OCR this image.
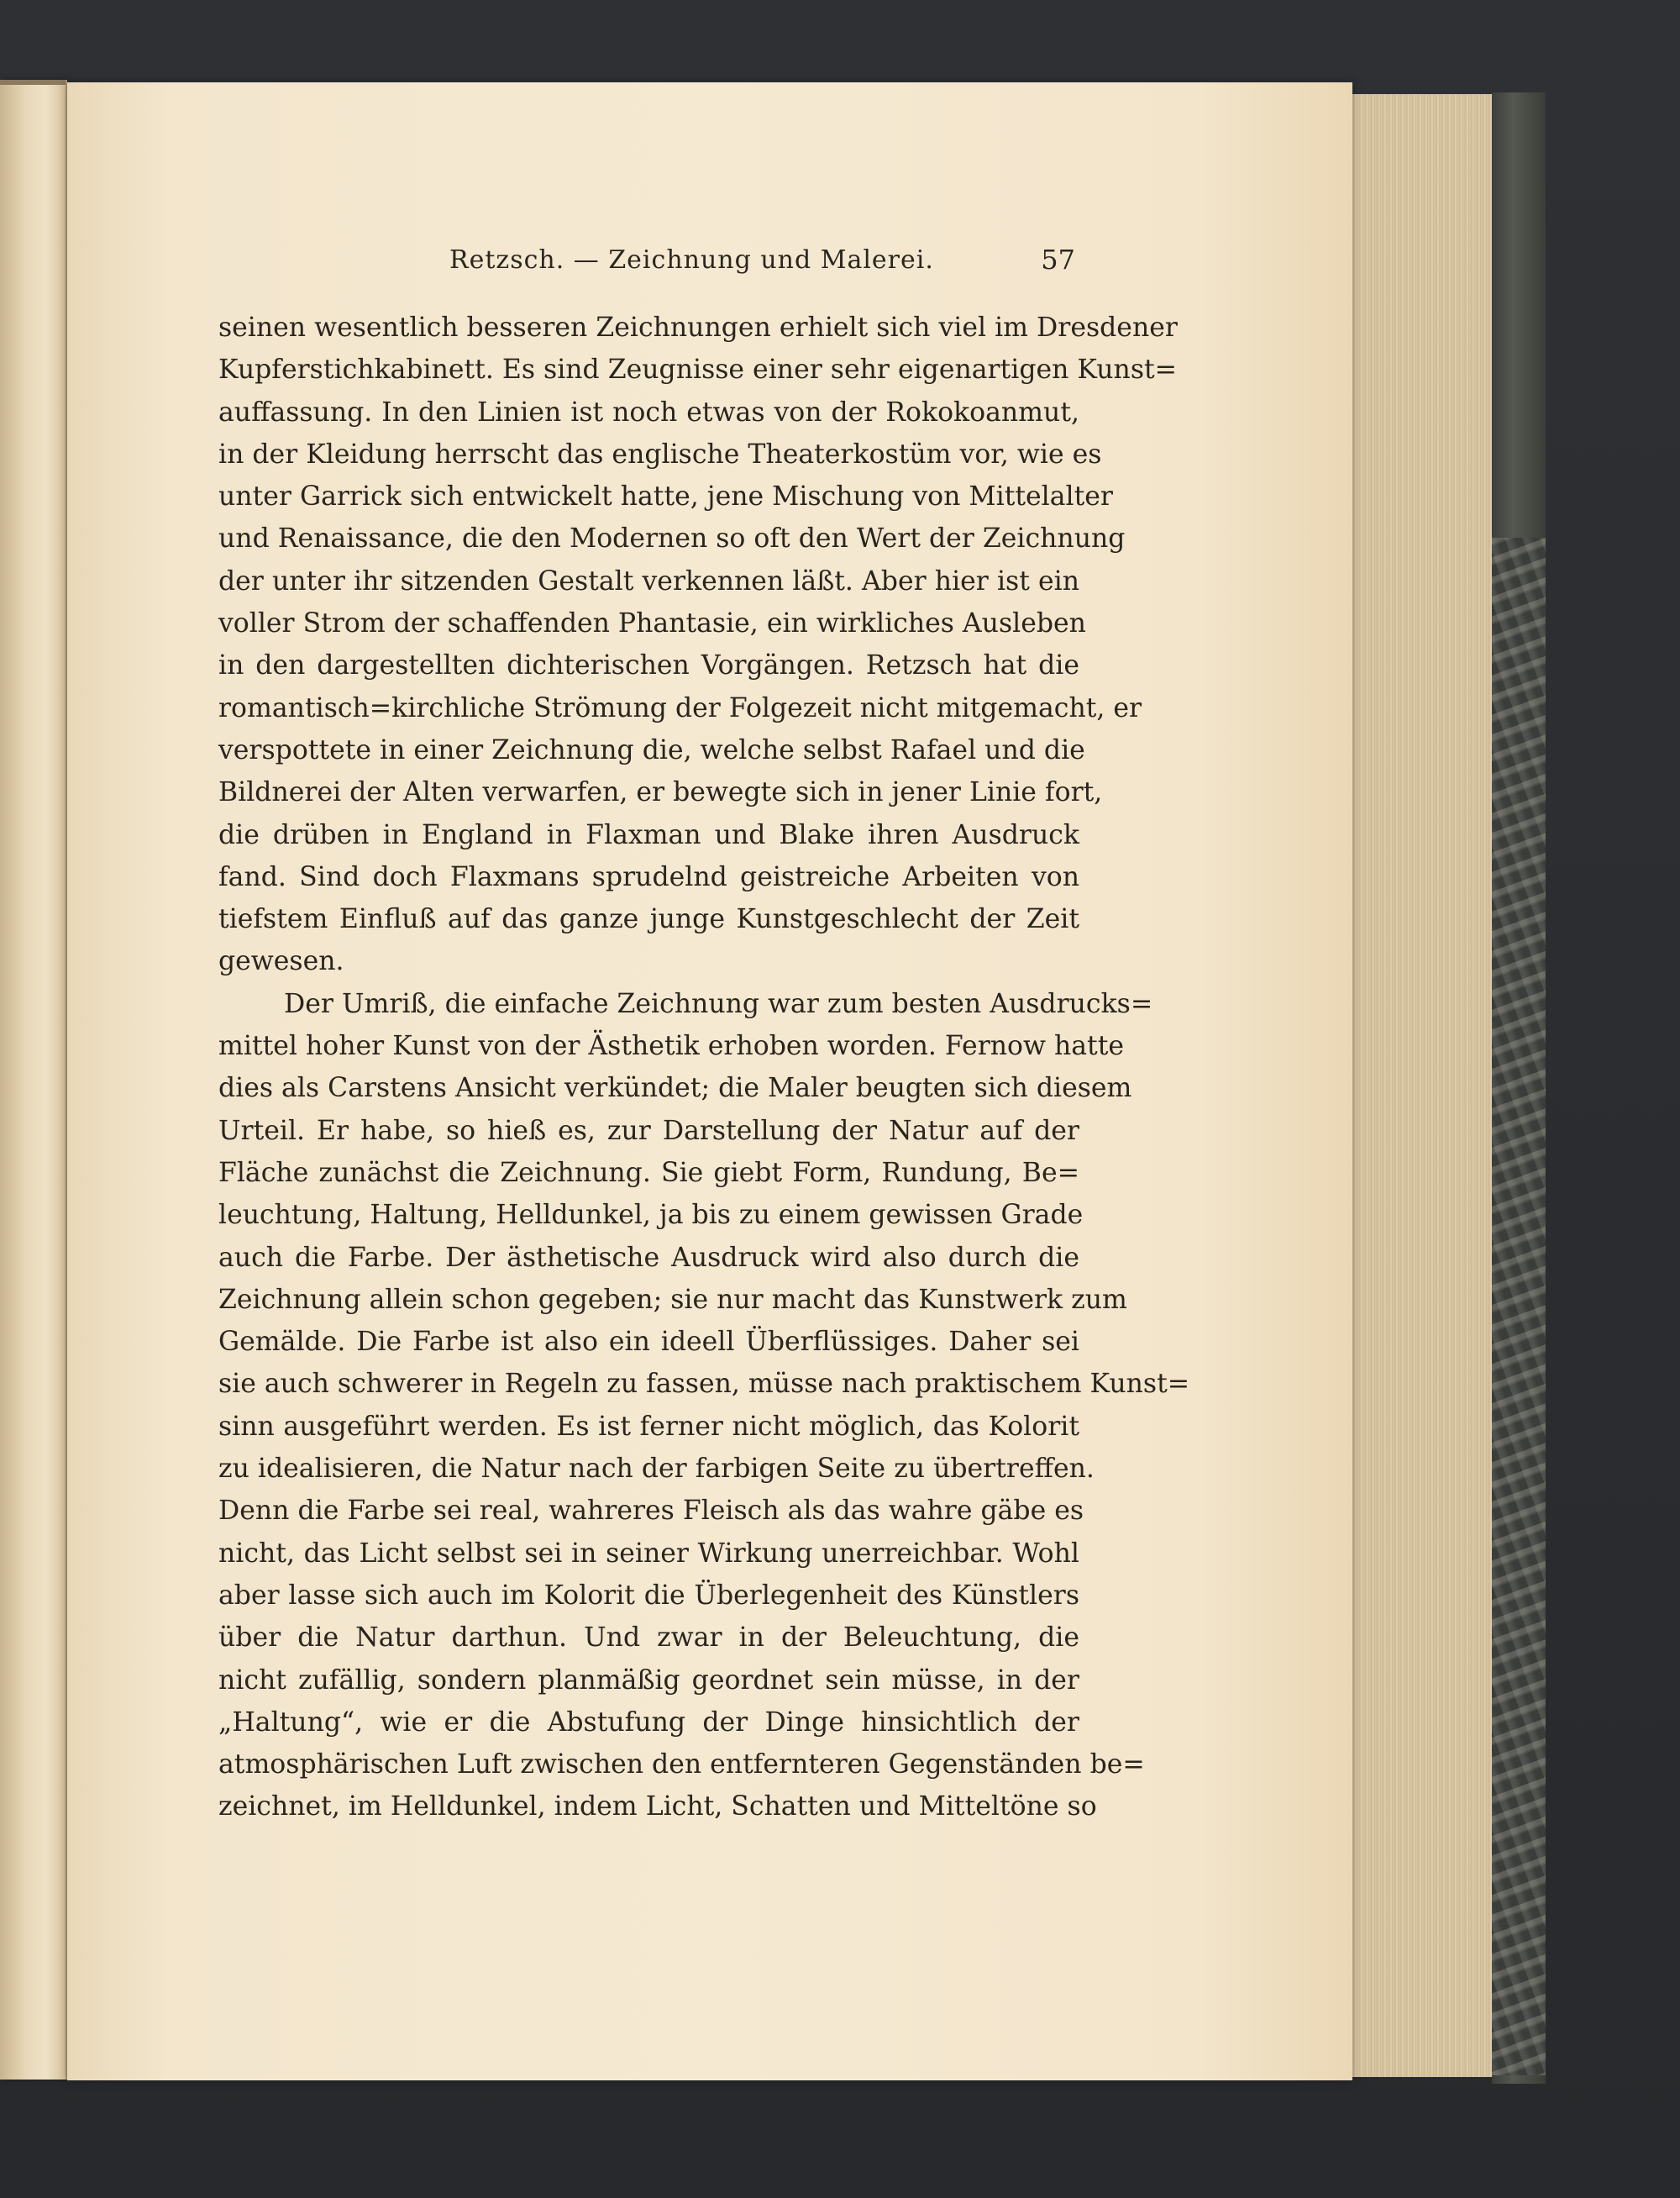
Retzsch. — Zeichnung und Malerei.	57
seinen wesentlich besseren Zeichnungen erhielt sich viel im Dresdener
Kupferstichkabinett. Es sind Zeugnisse einer sehr eigenartigen Kunst=
auffassung. In den Linien ist noch etwas von der Rokokoanmut,
in der Kleidung herrscht das englische Theaterkostüm vor, wie es
unter Garrick sich entwickelt hatte, jene Mischung von Mittelalter
und Renaissance, die den Modernen so oft den Wert der Zeichnung
der unter ihr sitzenden Gestalt verkennen läßt. Aber hier ist ein
voller Strom der schaffenden Phantasie, ein wirkliches Ausleben
in den dargestellten dichterischen Vorgängen. Retzsch hat die
romantisch=kirchliche Strömung der Folgezeit nicht mitgemacht, er
verspottete in einer Zeichnung die, welche selbst Rafael und die
Bildnerei der Alten verwarfen, er bewegte sich in jener Linie fort,
die drüben in England in Flaxman und Blake ihren Ausdruck
fand. Sind doch Flaxmans sprudelnd geistreiche Arbeiten von
tiefstem Einfluß auf das ganze junge Kunstgeschlecht der Zeit
gewesen.
Der Umriß, die einfache Zeichnung war zum besten Ausdrucks=
mittel hoher Kunst von der Ästhetik erhoben worden. Fernow hatte
dies als Carstens Ansicht verkündet; die Maler beugten sich diesem
Urteil. Er habe, so hieß es, zur Darstellung der Natur auf der
Fläche zunächst die Zeichnung. Sie giebt Form, Rundung, Be=
leuchtung, Haltung, Helldunkel, ja bis zu einem gewissen Grade
auch die Farbe. Der ästhetische Ausdruck wird also durch die
Zeichnung allein schon gegeben; sie nur macht das Kunstwerk zum
Gemälde. Die Farbe ist also ein ideell Überflüssiges. Daher sei
sie auch schwerer in Regeln zu fassen, müsse nach praktischem Kunst=
sinn ausgeführt werden. Es ist ferner nicht möglich, das Kolorit
zu idealisieren, die Natur nach der farbigen Seite zu übertreffen.
Denn die Farbe sei real, wahreres Fleisch als das wahre gäbe es
nicht, das Licht selbst sei in seiner Wirkung unerreichbar. Wohl
aber lasse sich auch im Kolorit die Überlegenheit des Künstlers
über die Natur darthun. Und zwar in der Beleuchtung, die
nicht zufällig, sondern planmäßig geordnet sein müsse, in der
„Haltung“, wie er die Abstufung der Dinge hinsichtlich der
atmosphärischen Luft zwischen den entfernteren Gegenständen be=
zeichnet, im Helldunkel, indem Licht, Schatten und Mitteltöne so
